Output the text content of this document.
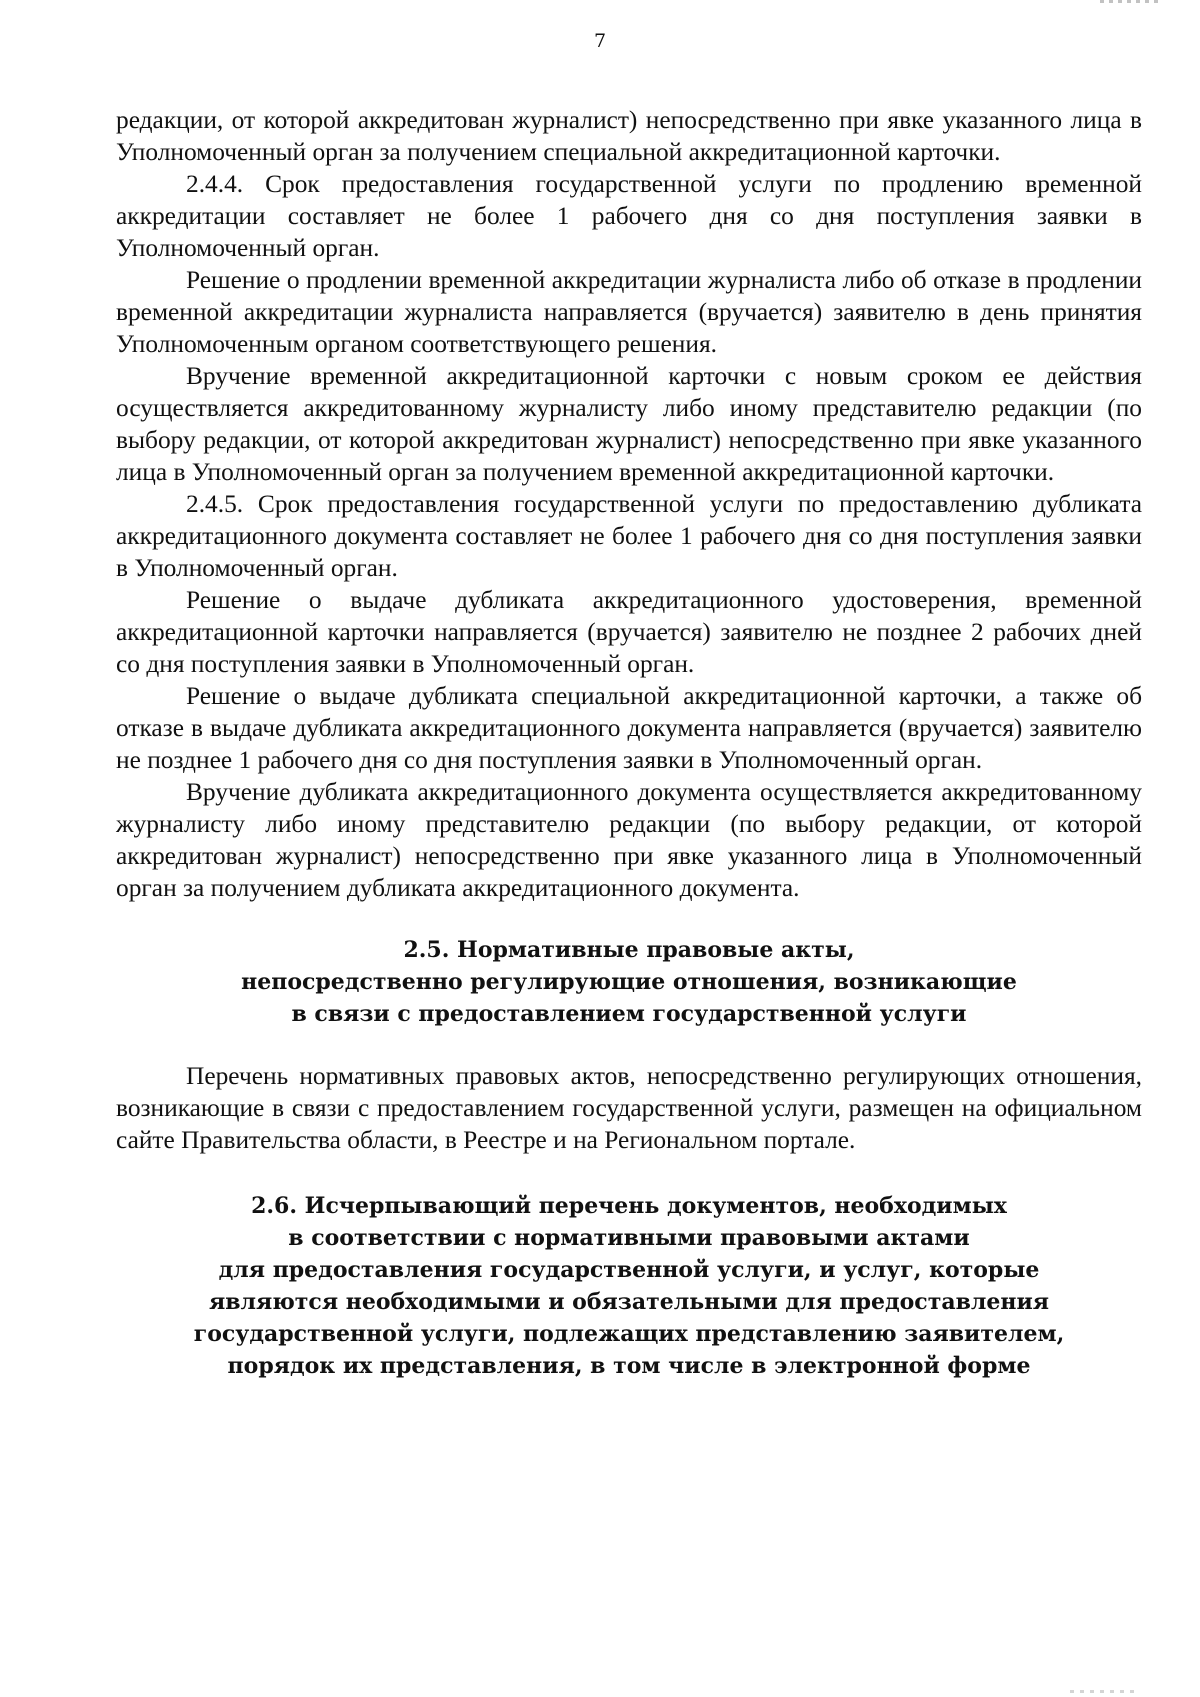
7

редакции, от которой аккредитован журналист) непосредственно при явке указанного лица в Уполномоченный орган за получением специальной аккредитационной карточки.

2.4.4. Срок предоставления государственной услуги по продлению временной аккредитации составляет не более 1 рабочего дня со дня поступления заявки в Уполномоченный орган.

Решение о продлении временной аккредитации журналиста либо об отказе в продлении временной аккредитации журналиста направляется (вручается) заявителю в день принятия Уполномоченным органом соответствующего решения.

Вручение временной аккредитационной карточки с новым сроком ее действия осуществляется аккредитованному журналисту либо иному представителю редакции (по выбору редакции, от которой аккредитован журналист) непосредственно при явке указанного лица в Уполномоченный орган за получением временной аккредитационной карточки.

2.4.5. Срок предоставления государственной услуги по предоставлению дубликата аккредитационного документа составляет не более 1 рабочего дня со дня поступления заявки в Уполномоченный орган.

Решение о выдаче дубликата аккредитационного удостоверения, временной аккредитационной карточки направляется (вручается) заявителю не позднее 2 рабочих дней со дня поступления заявки в Уполномоченный орган.

Решение о выдаче дубликата специальной аккредитационной карточки, а также об отказе в выдаче дубликата аккредитационного документа направляется (вручается) заявителю не позднее 1 рабочего дня со дня поступления заявки в Уполномоченный орган.

Вручение дубликата аккредитационного документа осуществляется аккредитованному журналисту либо иному представителю редакции (по выбору редакции, от которой аккредитован журналист) непосредственно при явке указанного лица в Уполномоченный орган за получением дубликата аккредитационного документа.

2.5. Нормативные правовые акты,
непосредственно регулирующие отношения, возникающие
в связи с предоставлением государственной услуги

Перечень нормативных правовых актов, непосредственно регулирующих отношения, возникающие в связи с предоставлением государственной услуги, размещен на официальном сайте Правительства области, в Реестре и на Региональном портале.

2.6. Исчерпывающий перечень документов, необходимых
в соответствии с нормативными правовыми актами
для предоставления государственной услуги, и услуг, которые
являются необходимыми и обязательными для предоставления
государственной услуги, подлежащих представлению заявителем,
порядок их представления, в том числе в электронной форме
